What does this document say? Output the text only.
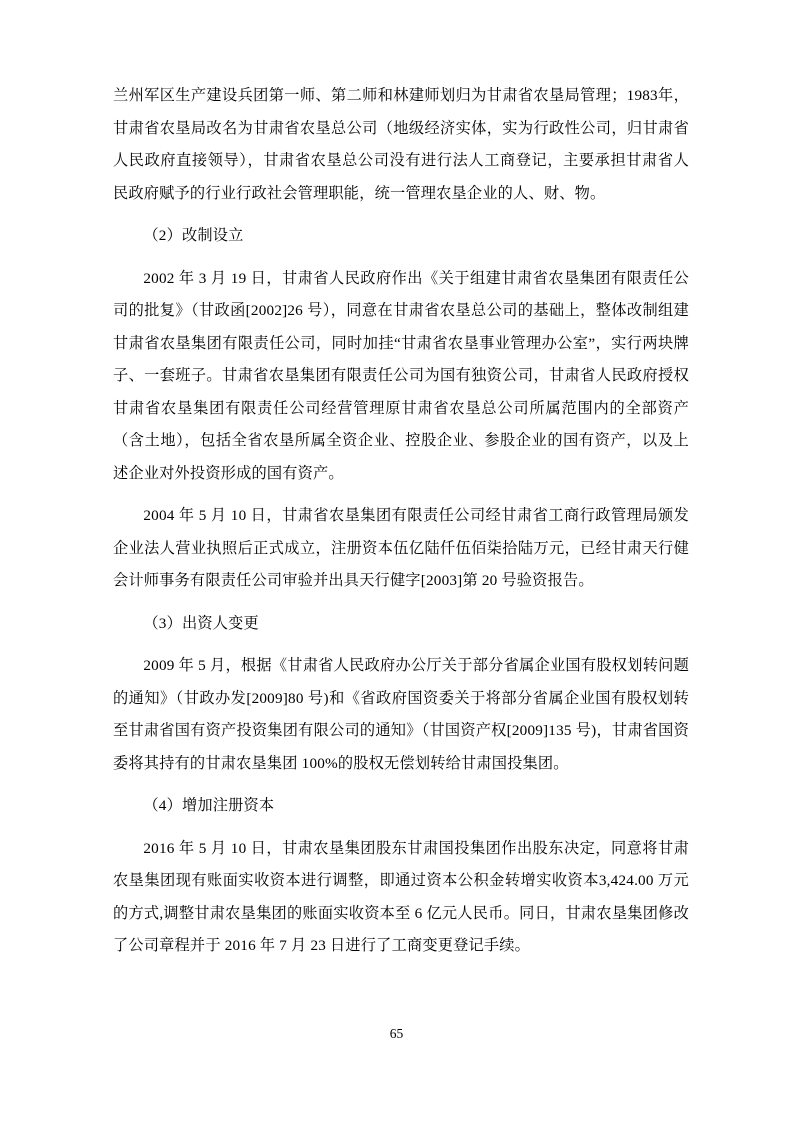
兰州军区生产建设兵团第一师、第二师和林建师划归为甘肃省农垦局管理；1983年，甘肃省农垦局改名为甘肃省农垦总公司（地级经济实体，实为行政性公司，归甘肃省人民政府直接领导），甘肃省农垦总公司没有进行法人工商登记，主要承担甘肃省人民政府赋予的行业行政社会管理职能，统一管理农垦企业的人、财、物。

（2）改制设立

2002 年 3 月 19 日，甘肃省人民政府作出《关于组建甘肃省农垦集团有限责任公司的批复》（甘政函[2002]26 号），同意在甘肃省农垦总公司的基础上，整体改制组建甘肃省农垦集团有限责任公司，同时加挂“甘肃省农垦事业管理办公室”，实行两块牌子、一套班子。甘肃省农垦集团有限责任公司为国有独资公司，甘肃省人民政府授权甘肃省农垦集团有限责任公司经营管理原甘肃省农垦总公司所属范围内的全部资产（含土地），包括全省农垦所属全资企业、控股企业、参股企业的国有资产，以及上述企业对外投资形成的国有资产。

2004 年 5 月 10 日，甘肃省农垦集团有限责任公司经甘肃省工商行政管理局颁发企业法人营业执照后正式成立，注册资本伍亿陆仟伍佰柒拾陆万元，已经甘肃天行健会计师事务有限责任公司审验并出具天行健字[2003]第 20 号验资报告。

（3）出资人变更

2009 年 5 月，根据《甘肃省人民政府办公厅关于部分省属企业国有股权划转问题的通知》（甘政办发[2009]80 号)和《省政府国资委关于将部分省属企业国有股权划转至甘肃省国有资产投资集团有限公司的通知》（甘国资产权[2009]135 号)，甘肃省国资委将其持有的甘肃农垦集团 100%的股权无偿划转给甘肃国投集团。

（4）增加注册资本

2016 年 5 月 10 日，甘肃农垦集团股东甘肃国投集团作出股东决定，同意将甘肃农垦集团现有账面实收资本进行调整，即通过资本公积金转增实收资本3,424.00 万元的方式,调整甘肃农垦集团的账面实收资本至 6 亿元人民币。同日，甘肃农垦集团修改了公司章程并于 2016 年 7 月 23 日进行了工商变更登记手续。

65
